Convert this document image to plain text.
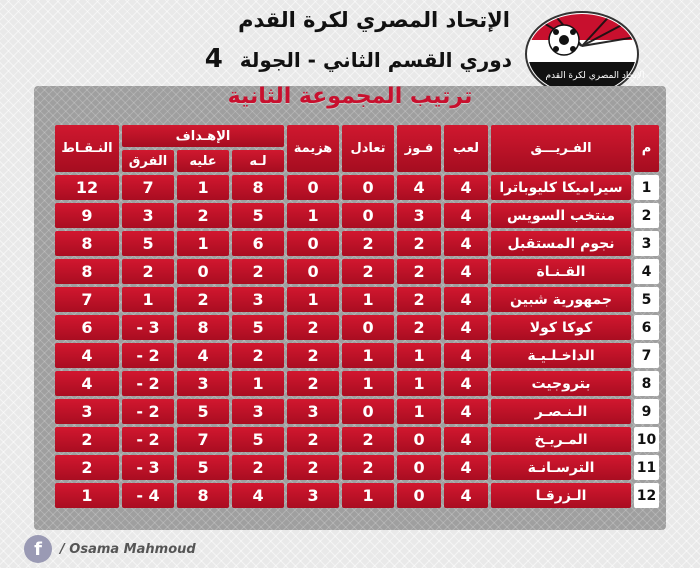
الإتحاد المصري لكرة القدم
الإتحاد المصري لكرة القدم
دوري القسم الثاني - الجولة 4
ترتيب المجموعة الثانية
م	الفـريـــق	لعب	فـوز	تعادل	هزيمة	الإهـداف			النـقـاط
						لـه	عليه	الفرق	
1	سيراميكا كليوباترا	4	4	0	0	8	1	7	12
2	منتخب السويس	4	3	0	1	5	2	3	9
3	نجوم المستقبل	4	2	2	0	6	1	5	8
4	القـنـاة	4	2	2	0	2	0	2	8
5	جمهورية شبين	4	2	1	1	3	2	1	7
6	كوكا كولا	4	2	0	2	5	8	3 -	6
7	الداخـلـيـة	4	1	1	2	2	4	2 -	4
8	بتروجيت	4	1	1	2	1	3	2 -	4
9	الـنـصـر	4	1	0	3	3	5	2 -	3
10	المـريـخ	4	0	2	2	5	7	2 -	2
11	الترسـانـة	4	0	2	2	2	5	3 -	2
12	الـزرقـا	4	0	1	3	4	8	4 -	1
f	/ Osama Mahmoud
